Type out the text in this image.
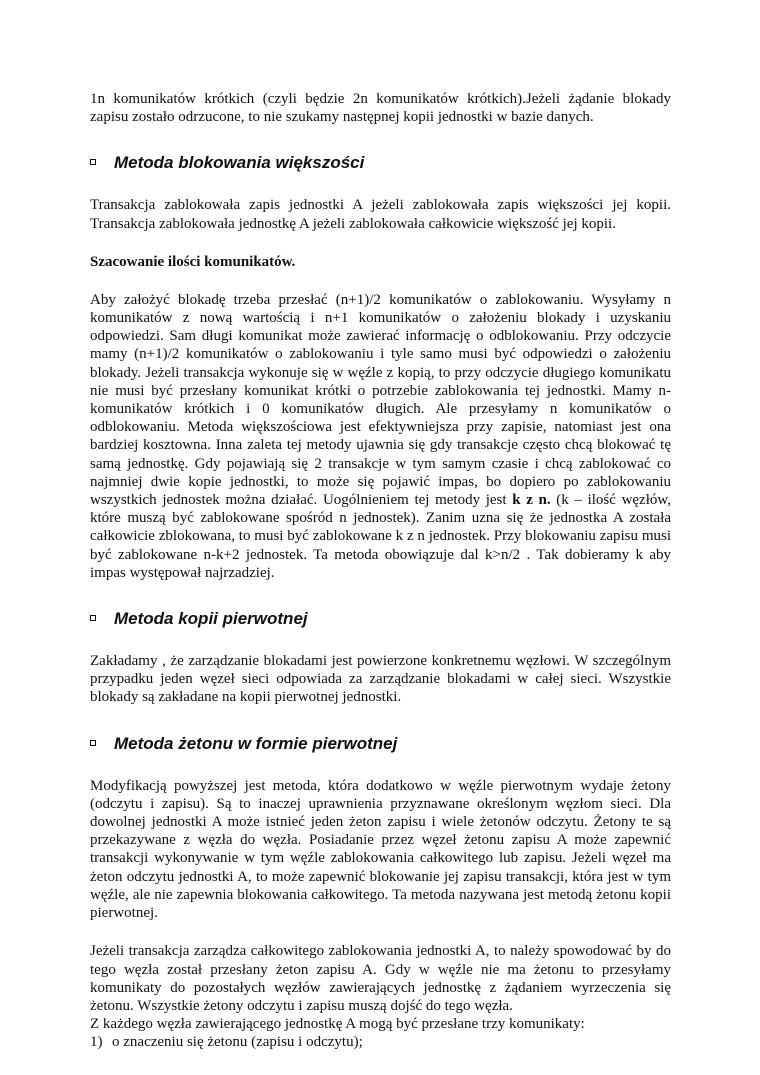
1n komunikatów krótkich (czyli będzie 2n komunikatów krótkich).Jeżeli żądanie blokady zapisu zostało odrzucone, to nie szukamy następnej kopii jednostki w bazie danych.

Metoda blokowania większości

Transakcja zablokowała zapis jednostki A jeżeli zablokowała zapis większości jej kopii. Transakcja zablokowała jednostkę A jeżeli zablokowała całkowicie większość jej kopii.

Szacowanie ilości komunikatów.

Aby założyć blokadę trzeba przesłać (n+1)/2 komunikatów o zablokowaniu. Wysyłamy n komunikatów z nową wartością i n+1 komunikatów o założeniu blokady i uzyskaniu odpowiedzi. Sam długi komunikat może zawierać informację o odblokowaniu. Przy odczycie mamy (n+1)/2 komunikatów o zablokowaniu i tyle samo musi być odpowiedzi o założeniu blokady. Jeżeli transakcja wykonuje się w węźle z kopią, to przy odczycie długiego komunikatu nie musi być przesłany komunikat krótki o potrzebie zablokowania tej jednostki. Mamy n- komunikatów krótkich i 0 komunikatów długich. Ale przesyłamy n komunikatów o odblokowaniu. Metoda większościowa jest efektywniejsza przy zapisie, natomiast jest ona bardziej kosztowna. Inna zaleta tej metody ujawnia się gdy transakcje często chcą blokować tę samą jednostkę. Gdy pojawiają się 2 transakcje w tym samym czasie i chcą zablokować co najmniej dwie kopie jednostki, to może się pojawić impas, bo dopiero po zablokowaniu wszystkich jednostek można działać. Uogólnieniem tej metody jest k z n. (k – ilość węzłów, które muszą być zablokowane spośród n jednostek). Zanim uzna się że jednostka A została całkowicie zblokowana, to musi być zablokowane k z n jednostek. Przy blokowaniu zapisu musi być zablokowane n-k+2 jednostek. Ta metoda obowiązuje dal k>n/2 . Tak dobieramy k aby impas występował najrzadziej.

Metoda kopii pierwotnej

Zakładamy , że zarządzanie blokadami jest powierzone konkretnemu węzłowi. W szczególnym przypadku jeden węzeł sieci odpowiada za zarządzanie blokadami w całej sieci. Wszystkie blokady są zakładane na kopii pierwotnej jednostki.

Metoda żetonu w formie pierwotnej

Modyfikacją powyższej jest metoda, która dodatkowo w węźle pierwotnym wydaje żetony (odczytu i zapisu). Są to inaczej uprawnienia przyznawane określonym węzłom sieci. Dla dowolnej jednostki A może istnieć jeden żeton zapisu i wiele żetonów odczytu. Żetony te są przekazywane z węzła do węzła. Posiadanie przez węzeł żetonu zapisu A może zapewnić transakcji wykonywanie w tym węźle zablokowania całkowitego lub zapisu. Jeżeli węzeł ma żeton odczytu jednostki A, to może zapewnić blokowanie jej zapisu transakcji, która jest w tym węźle, ale nie zapewnia blokowania całkowitego. Ta metoda nazywana jest metodą żetonu kopii pierwotnej.

Jeżeli transakcja zarządza całkowitego zablokowania jednostki A, to należy spowodować by do tego węzła został przesłany żeton zapisu A. Gdy w węźle nie ma żetonu to przesyłamy komunikaty do pozostałych węzłów zawierających jednostkę z żądaniem wyrzeczenia się żetonu. Wszystkie żetony odczytu i zapisu muszą dojść do tego węzła.

Z każdego węzła zawierającego jednostkę A mogą być przesłane trzy komunikaty:

1) o znaczeniu się żetonu (zapisu i odczytu);
